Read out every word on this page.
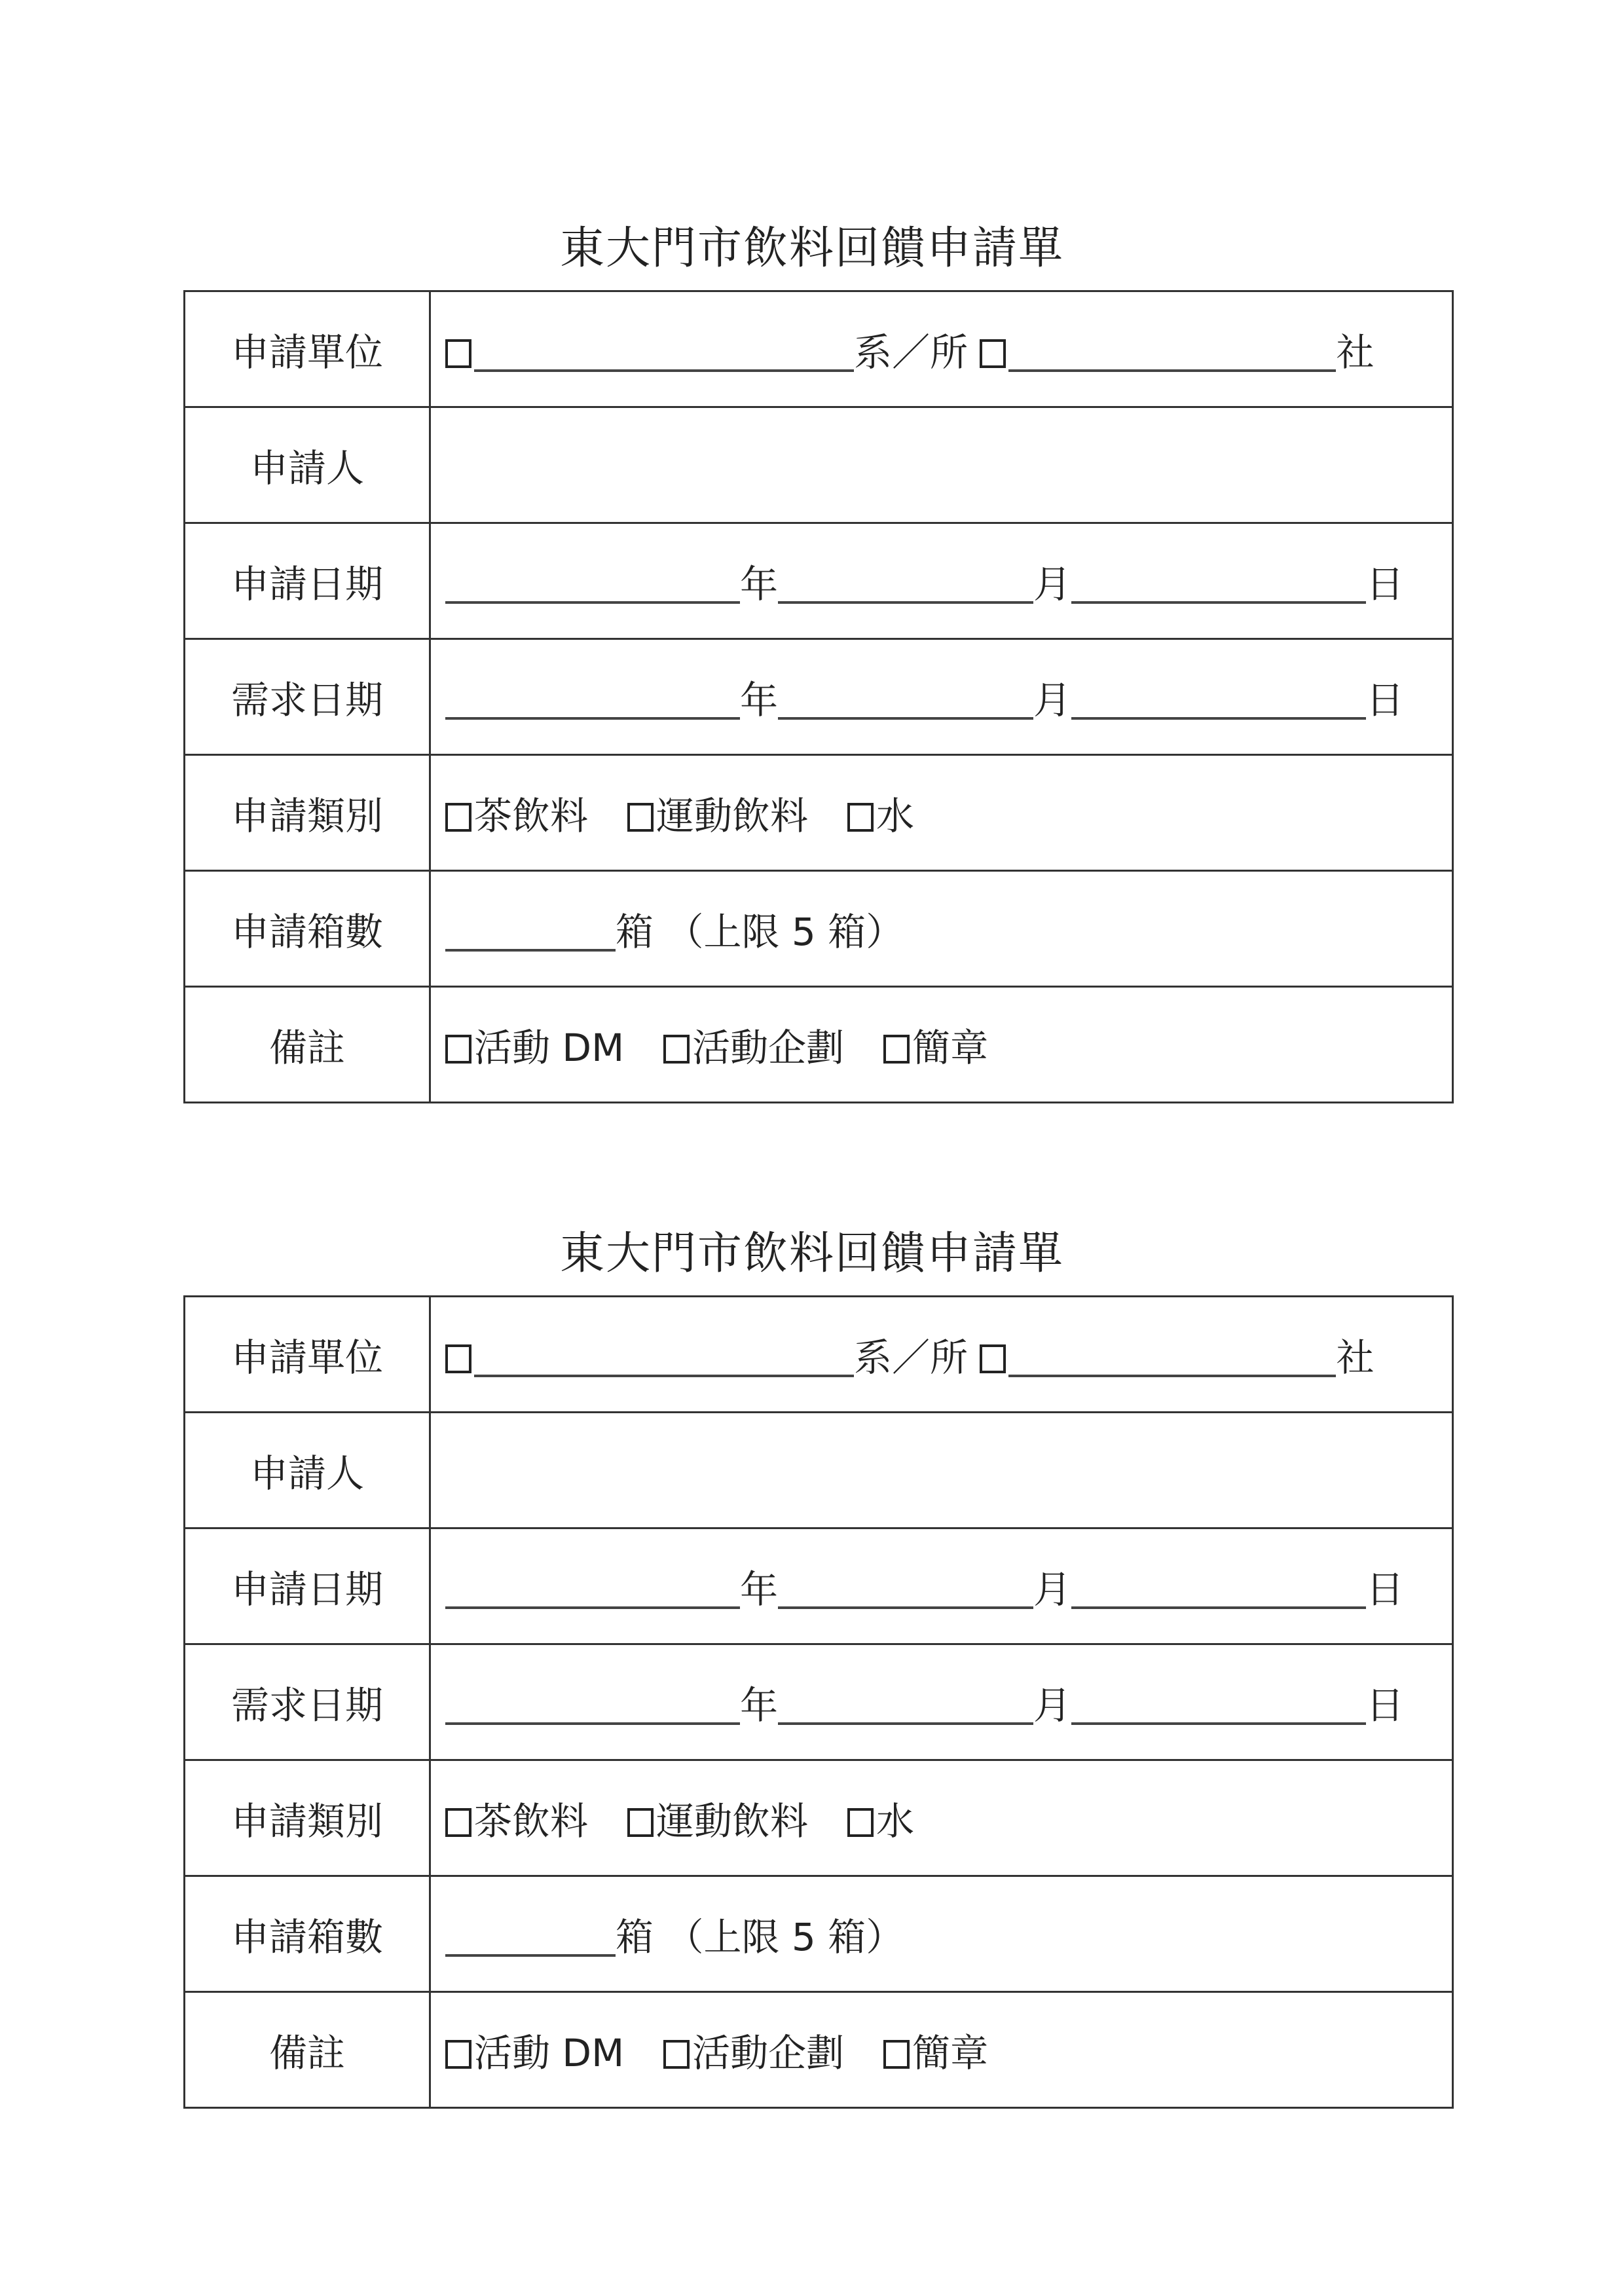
東大門市飲料回饋申請單
申請單位	系／所 社
申請人	
申請日期	年 月 日
需求日期	年 月 日
申請類別	茶飲料 運動飲料 水
申請箱數	箱 （上限 5 箱）
備註	活動 DM 活動企劃 簡章
東大門市飲料回饋申請單
申請單位	系／所 社
申請人	
申請日期	年 月 日
需求日期	年 月 日
申請類別	茶飲料 運動飲料 水
申請箱數	箱 （上限 5 箱）
備註	活動 DM 活動企劃 簡章
